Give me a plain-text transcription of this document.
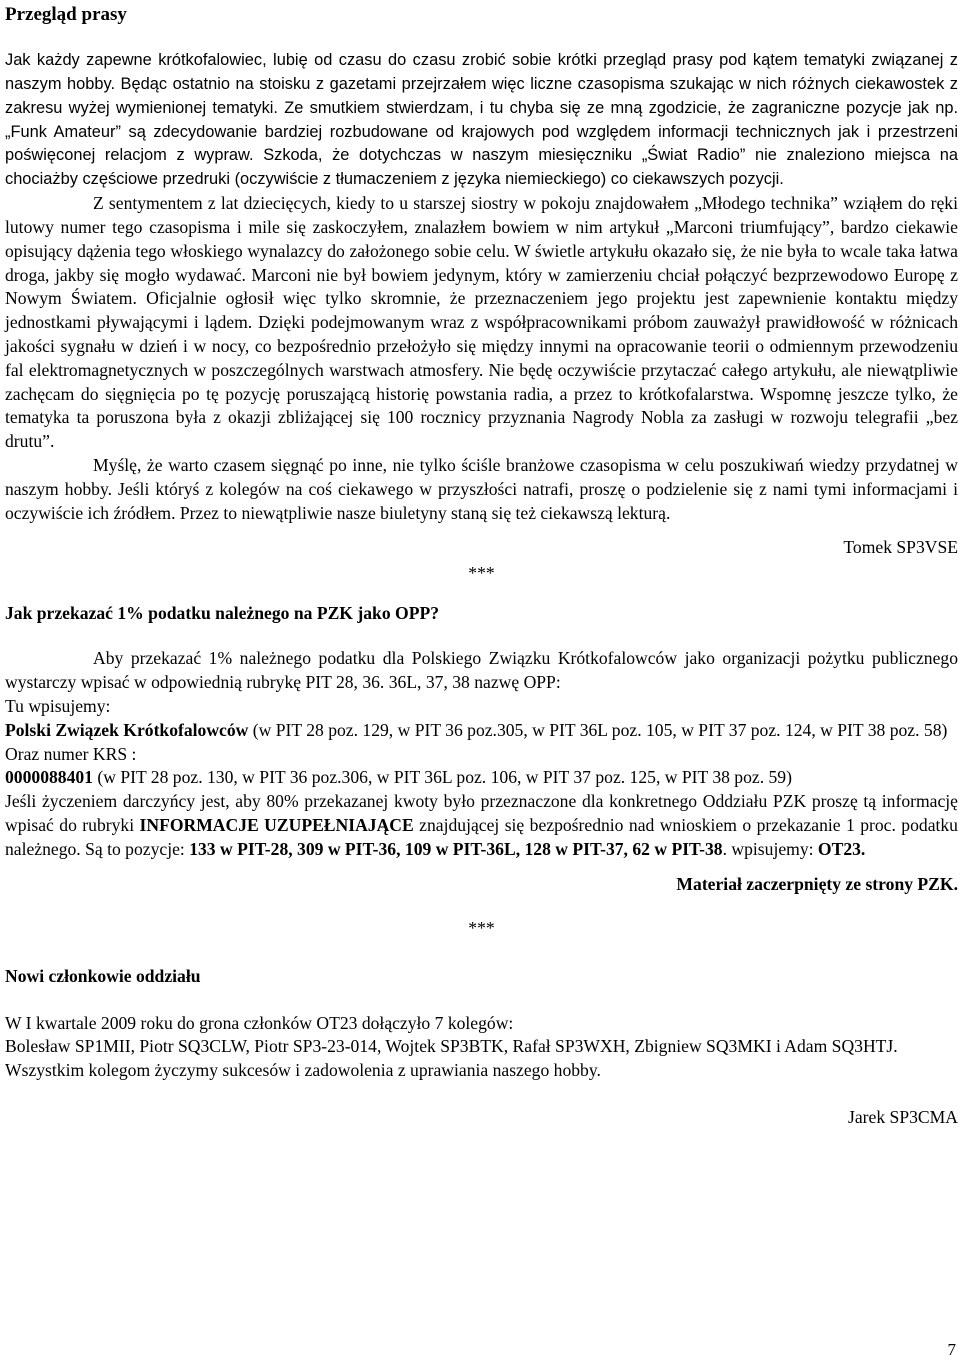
Przegląd prasy

Jak każdy zapewne krótkofalowiec, lubię od czasu do czasu zrobić sobie krótki przegląd prasy pod kątem tematyki związanej z naszym hobby. Będąc ostatnio na stoisku z gazetami przejrzałem więc liczne czasopisma szukając w nich różnych ciekawostek z zakresu wyżej wymienionej tematyki. Ze smutkiem stwierdzam, i tu chyba się ze mną zgodzicie, że zagraniczne pozycje jak np. „Funk Amateur” są zdecydowanie bardziej rozbudowane od krajowych pod względem informacji technicznych jak i przestrzeni poświęconej relacjom z wypraw. Szkoda, że dotychczas w naszym miesięczniku „Świat Radio” nie znaleziono miejsca na chociażby częściowe przedruki (oczywiście z tłumaczeniem z języka niemieckiego) co ciekawszych pozycji.

Z sentymentem z lat dziecięcych, kiedy to u starszej siostry w pokoju znajdowałem „Młodego technika” wziąłem do ręki lutowy numer tego czasopisma i mile się zaskoczyłem, znalazłem bowiem w nim artykuł „Marconi triumfujący”, bardzo ciekawie opisujący dążenia tego włoskiego wynalazcy do założonego sobie celu. W świetle artykułu okazało się, że nie była to wcale taka łatwa droga, jakby się mogło wydawać. Marconi nie był bowiem jedynym, który w zamierzeniu chciał połączyć bezprzewodowo Europę z Nowym Światem. Oficjalnie ogłosił więc tylko skromnie, że przeznaczeniem jego projektu jest zapewnienie kontaktu między jednostkami pływającymi i lądem. Dzięki podejmowanym wraz z współpracownikami próbom zauważył prawidłowość w różnicach jakości sygnału w dzień i w nocy, co bezpośrednio przełożyło się między innymi na opracowanie teorii o odmiennym przewodzeniu fal elektromagnetycznych w poszczególnych warstwach atmosfery. Nie będę oczywiście przytaczać całego artykułu, ale niewątpliwie zachęcam do sięgnięcia po tę pozycję poruszającą historię powstania radia, a przez to krótkofalarstwa. Wspomnę jeszcze tylko, że tematyka ta poruszona była z okazji zbliżającej się 100 rocznicy przyznania Nagrody Nobla za zasługi w rozwoju telegrafii „bez drutu”.

Myślę, że warto czasem sięgnąć po inne, nie tylko ściśle branżowe czasopisma w celu poszukiwań wiedzy przydatnej w naszym hobby. Jeśli któryś z kolegów na coś ciekawego w przyszłości natrafi, proszę o podzielenie się z nami tymi informacjami i oczywiście ich źródłem. Przez to niewątpliwie nasze biuletyny staną się też ciekawszą lekturą.

Tomek SP3VSE

***

Jak przekazać 1% podatku należnego na PZK jako OPP?

Aby przekazać 1% należnego podatku dla Polskiego Związku Krótkofalowców jako organizacji pożytku publicznego wystarczy wpisać w odpowiednią rubrykę PIT 28, 36. 36L, 37, 38 nazwę OPP:

Tu wpisujemy:

Polski Związek Krótkofalowców (w PIT 28 poz. 129, w PIT 36 poz.305, w PIT 36L poz. 105, w PIT 37 poz. 124, w PIT 38 poz. 58)

Oraz numer KRS :

0000088401 (w PIT 28 poz. 130, w PIT 36 poz.306, w PIT 36L poz. 106, w PIT 37 poz. 125, w PIT 38 poz. 59)

Jeśli życzeniem darczyńcy jest, aby 80% przekazanej kwoty było przeznaczone dla konkretnego Oddziału PZK proszę tą informację wpisać do rubryki INFORMACJE UZUPEŁNIAJĄCE znajdującej się bezpośrednio nad wnioskiem o przekazanie 1 proc. podatku należnego. Są to pozycje: 133 w PIT-28, 309 w PIT-36, 109 w PIT-36L, 128 w PIT-37, 62 w PIT-38. wpisujemy: OT23.

Materiał zaczerpnięty ze strony PZK.

***

Nowi członkowie oddziału

W I kwartale 2009 roku do grona członków OT23 dołączyło 7 kolegów:

Bolesław SP1MII, Piotr SQ3CLW, Piotr SP3-23-014, Wojtek SP3BTK, Rafał SP3WXH, Zbigniew SQ3MKI i Adam SQ3HTJ. Wszystkim kolegom życzymy sukcesów i zadowolenia z uprawiania naszego hobby.

Jarek SP3CMA

7
